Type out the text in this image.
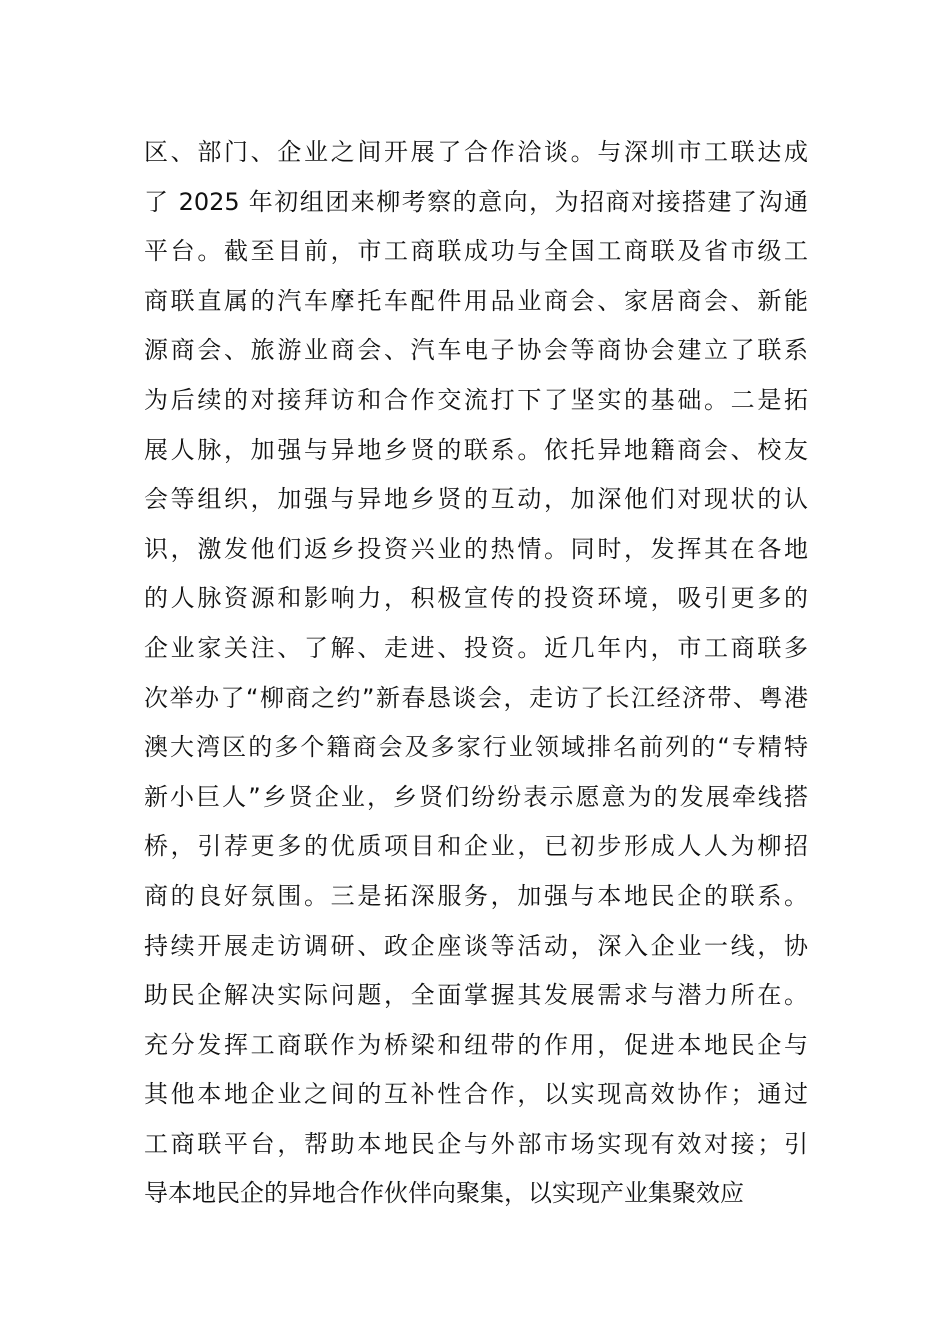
区、部门、企业之间开展了合作洽谈。与深圳市工联达成
了 2025 年初组团来柳考察的意向，为招商对接搭建了沟通
平台。截至目前，市工商联成功与全国工商联及省市级工
商联直属的汽车摩托车配件用品业商会、家居商会、新能
源商会、旅游业商会、汽车电子协会等商协会建立了联系
为后续的对接拜访和合作交流打下了坚实的基础。二是拓
展人脉，加强与异地乡贤的联系。依托异地籍商会、校友
会等组织，加强与异地乡贤的互动，加深他们对现状的认
识，激发他们返乡投资兴业的热情。同时，发挥其在各地
的人脉资源和影响力，积极宣传的投资环境，吸引更多的
企业家关注、了解、走进、投资。近几年内，市工商联多
次举办了“柳商之约”新春恳谈会，走访了长江经济带、粤港
澳大湾区的多个籍商会及多家行业领域排名前列的“专精特
新小巨人”乡贤企业，乡贤们纷纷表示愿意为的发展牵线搭
桥，引荐更多的优质项目和企业，已初步形成人人为柳招
商的良好氛围。三是拓深服务，加强与本地民企的联系。
持续开展走访调研、政企座谈等活动，深入企业一线，协
助民企解决实际问题，全面掌握其发展需求与潜力所在。
充分发挥工商联作为桥梁和纽带的作用，促进本地民企与
其他本地企业之间的互补性合作，以实现高效协作；通过
工商联平台，帮助本地民企与外部市场实现有效对接；引
导本地民企的异地合作伙伴向聚集，以实现产业集聚效应
